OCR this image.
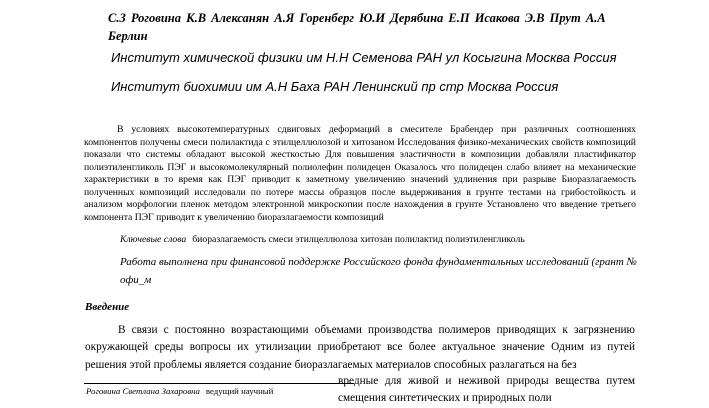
С.З Роговина К.В Алексанян А.Я Горенберг Ю.И Дерябина Е.П Исакова Э.В Прут А.А Берлин
Институт химической физики им Н.Н Семенова РАН ул Косыгина Москва Россия
Институт биохимии им А.Н Баха РАН Ленинский пр стр Москва Россия
В условиях высокотемпературных сдвиговых деформаций в смесителе Брабендер при различных соотношениях компонентов получены смеси полилактида с этилцеллюлозой и хитозаном Исследования физико-механических свойств композиций показали что системы обладают высокой жесткостью Для повышения эластичности в композиции добавляли пластификатор полиэтиленгликоль ПЭГ и высокомолекулярный полиолефин полидецен Оказалось что полидецен слабо влияет на механические характеристики в то время как ПЭГ приводит к заметному увеличению значений удлинения при разрыве Биоразлагаемость полученных композиций исследовали по потере массы образцов после выдерживания в грунте тестами на грибостойкость и анализом морфологии пленок методом электронной микроскопии после нахождения в грунте Установлено что введение третьего компонента ПЭГ приводит к увеличению биоразлагаемости композиций
Ключевые слова биоразлагаемость смеси этилцеллюлоза хитозан полилактид полиэтиленгликоль
Работа выполнена при финансовой поддержке Российского фонда фундаментальных исследований (грант № офи_м
Введение
В связи с постоянно возрастающими объемами производства полимеров приводящих к загрязнению окружающей среды вопросы их утилизации приобретают все более актуальное значение Одним из путей решения этой проблемы является создание биоразлагаемых материалов способных разлагаться на без
вредные для живой и неживой природы вещества путем смещения синтетических и природных поли
Роговина Светлана Захаровна ведущий научный
